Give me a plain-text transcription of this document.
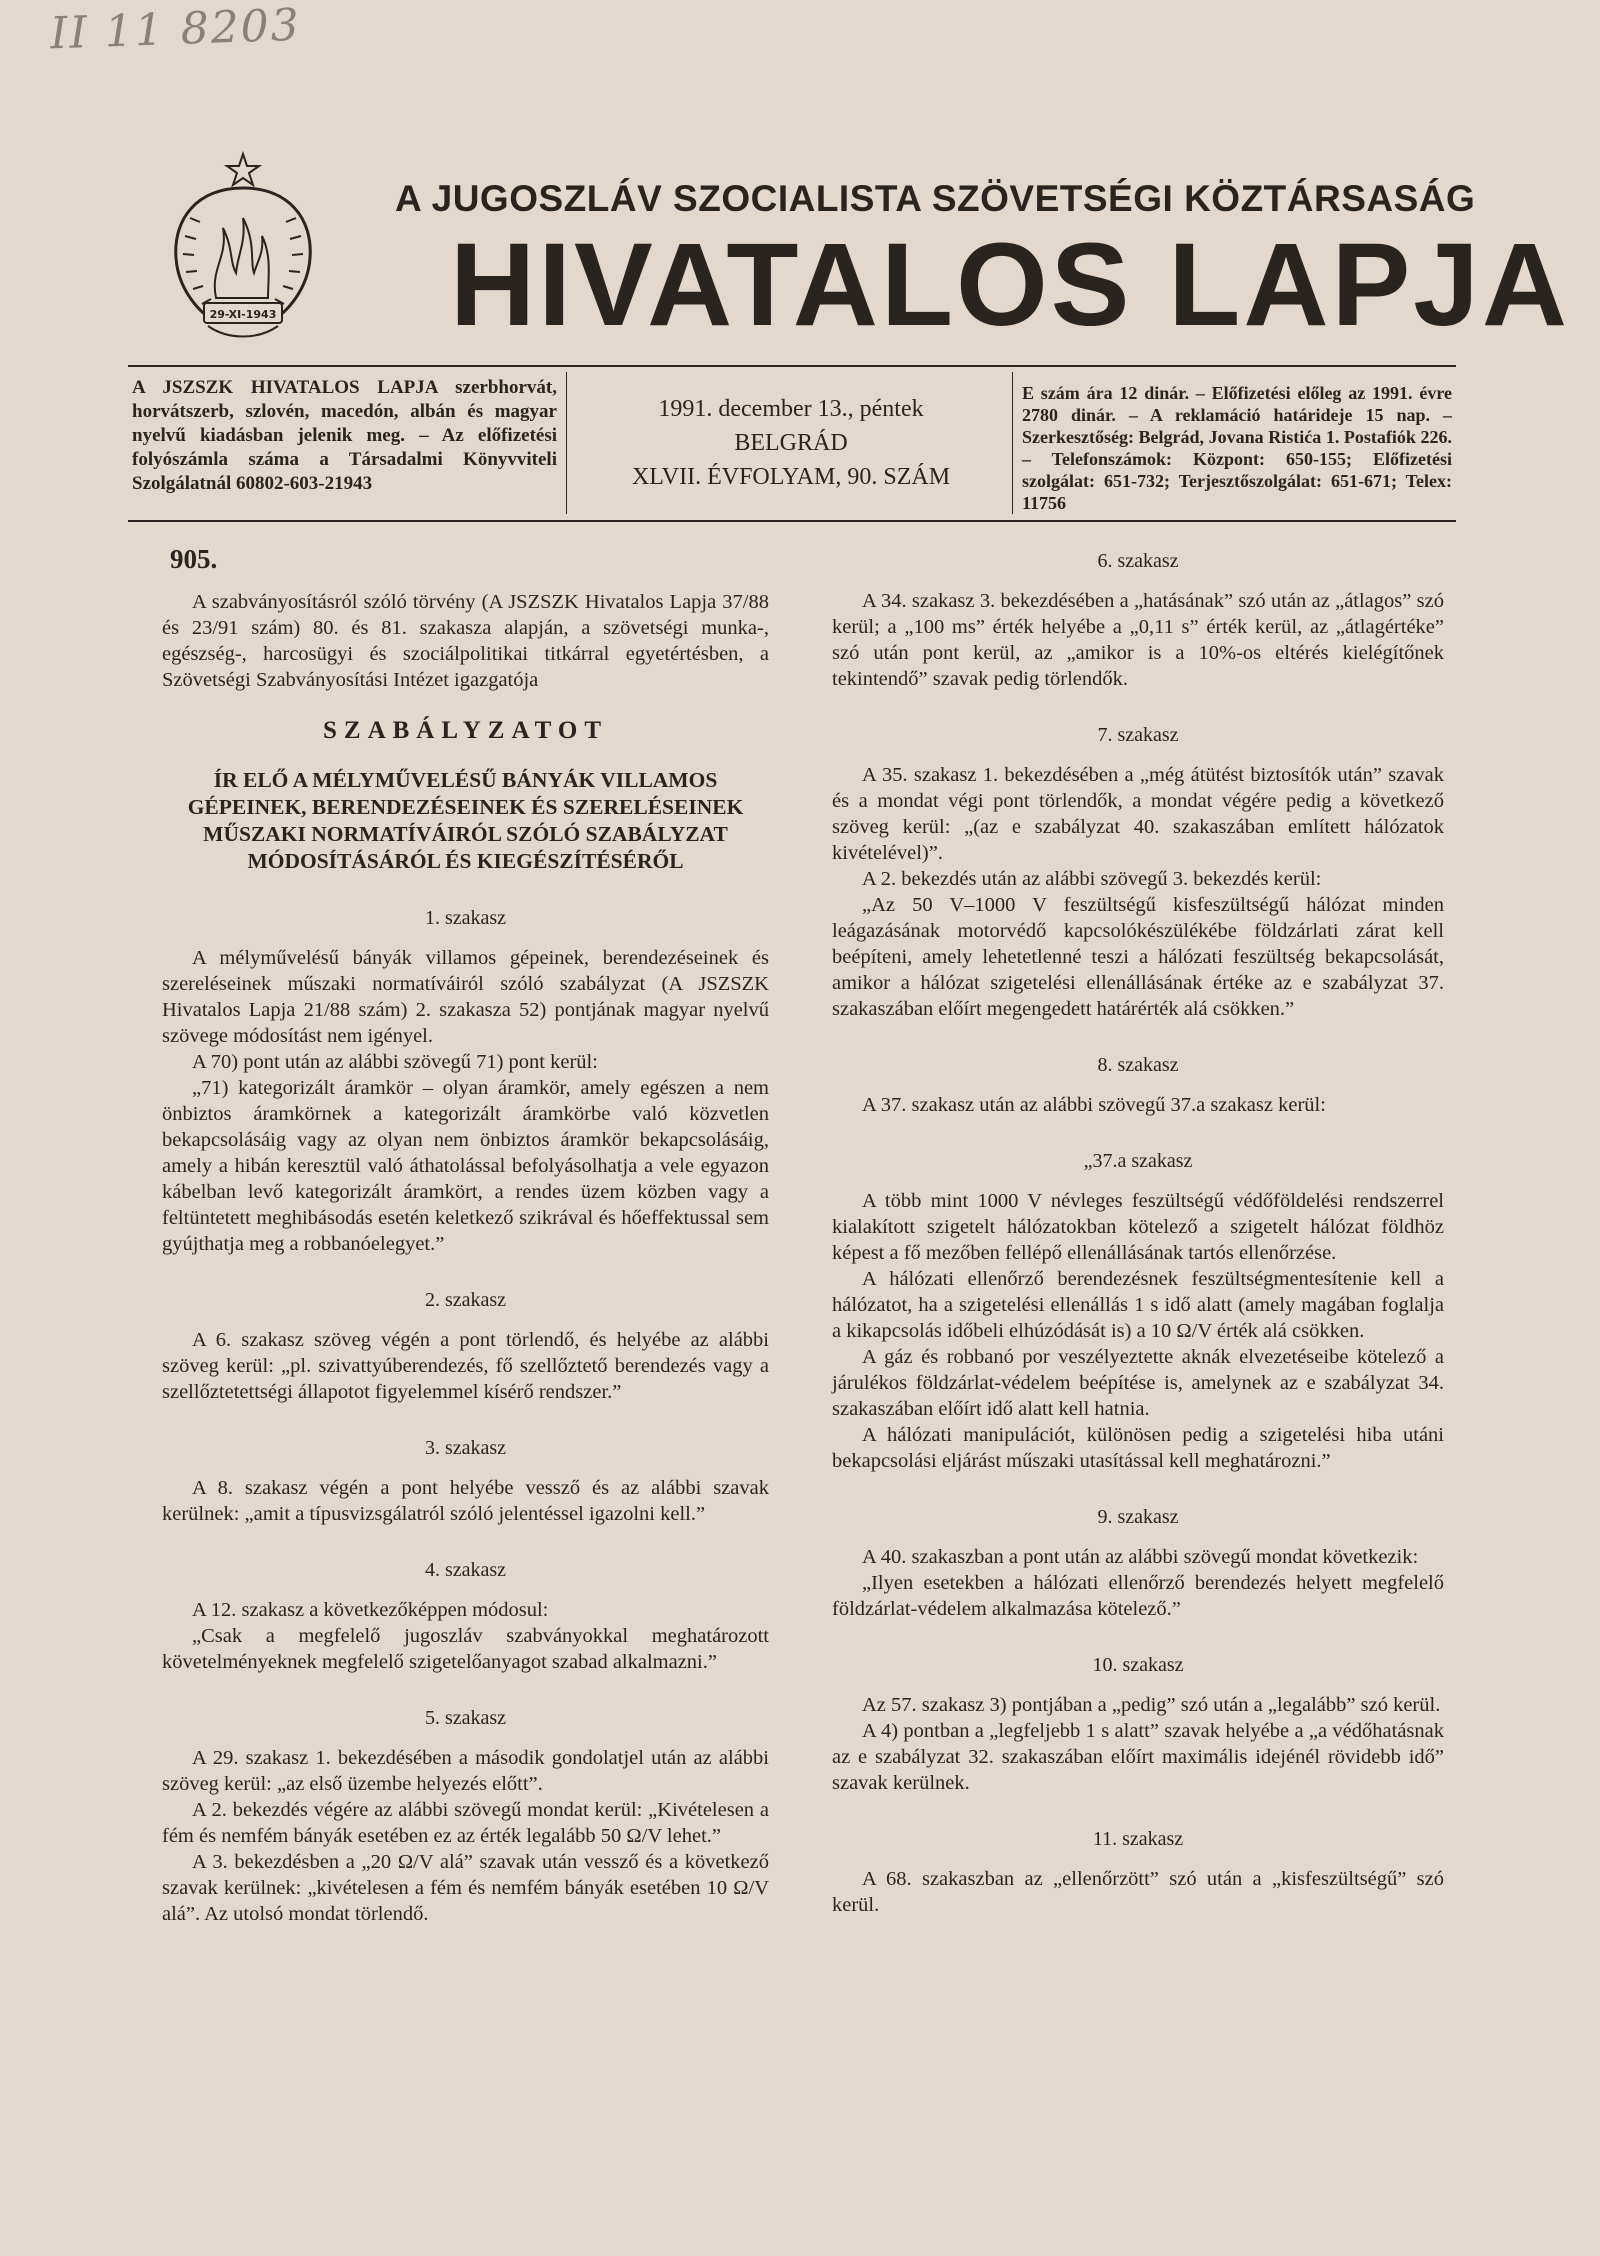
II 11 8203
29-XI-1943
A JUGOSZLÁV SZOCIALISTA SZÖVETSÉGI KÖZTÁRSASÁG
HIVATALOS LAPJA
A JSZSZK HIVATALOS LAPJA szerbhorvát, horvátszerb, szlovén, macedón, albán és magyar nyelvű kiadásban jelenik meg. – Az előfizetési folyószámla száma a Társadalmi Könyvviteli Szolgálatnál 60802-603-21943
1991. december 13., péntek
BELGRÁD
XLVII. ÉVFOLYAM, 90. SZÁM
E szám ára 12 dinár. – Előfizetési előleg az 1991. évre 2780 dinár. – A reklamáció határideje 15 nap. – Szerkesztőség: Belgrád, Jovana Ristića 1. Postafiók 226. – Telefonszámok: Központ: 650-155; Előfizetési szolgálat: 651-732; Terjesztőszolgálat: 651-671; Telex: 11756
905.

A szabványosításról szóló törvény (A JSZSZK Hivatalos Lapja 37/88 és 23/91 szám) 80. és 81. szakasza alapján, a szövetségi munka-, egészség-, harcosügyi és szociálpolitikai titkárral egyetértésben, a Szövetségi Szabványosítási Intézet igazgatója

SZABÁLYZATOT
ÍR ELŐ A MÉLYMŰVELÉSŰ BÁNYÁK VILLAMOS GÉPEINEK, BERENDEZÉSEINEK ÉS SZERELÉSEINEK MŰSZAKI NORMATÍVÁIRÓL SZÓLÓ SZABÁLYZAT MÓDOSÍTÁSÁRÓL ÉS KIEGÉSZÍTÉSÉRŐL
1. szakasz

A mélyművelésű bányák villamos gépeinek, berendezéseinek és szereléseinek műszaki normatíváiról szóló szabályzat (A JSZSZK Hivatalos Lapja 21/88 szám) 2. szakasza 52) pontjának magyar nyelvű szövege módosítást nem igényel.

A 70) pont után az alábbi szövegű 71) pont kerül:

„71) kategorizált áramkör – olyan áramkör, amely egészen a nem önbiztos áramkörnek a kategorizált áramkörbe való közvetlen bekapcsolásáig vagy az olyan nem önbiztos áramkör bekapcsolásáig, amely a hibán keresztül való áthatolással befolyásolhatja a vele egyazon kábelban levő kategorizált áramkört, a rendes üzem közben vagy a feltüntetett meghibásodás esetén keletkező szikrával és hőeffektussal sem gyújthatja meg a robbanóelegyet.”

2. szakasz

A 6. szakasz szöveg végén a pont törlendő, és helyébe az alábbi szöveg kerül: „pl. szivattyúberendezés, fő szellőztető berendezés vagy a szellőztetettségi állapotot figyelemmel kísérő rendszer.”

3. szakasz

A 8. szakasz végén a pont helyébe vessző és az alábbi szavak kerülnek: „amit a típusvizsgálatról szóló jelentéssel igazolni kell.”

4. szakasz

A 12. szakasz a következőképpen módosul:

„Csak a megfelelő jugoszláv szabványokkal meghatározott követelményeknek megfelelő szigetelőanyagot szabad alkalmazni.”

5. szakasz

A 29. szakasz 1. bekezdésében a második gondolatjel után az alábbi szöveg kerül: „az első üzembe helyezés előtt”.

A 2. bekezdés végére az alábbi szövegű mondat kerül: „Kivételesen a fém és nemfém bányák esetében ez az érték legalább 50 Ω/V lehet.”

A 3. bekezdésben a „20 Ω/V alá” szavak után vessző és a következő szavak kerülnek: „kivételesen a fém és nemfém bányák esetében 10 Ω/V alá”. Az utolsó mondat törlendő.

6. szakasz

A 34. szakasz 3. bekezdésében a „hatásának” szó után az „átlagos” szó kerül; a „100 ms” érték helyébe a „0,11 s” érték kerül, az „átlagértéke” szó után pont kerül, az „amikor is a 10%-os eltérés kielégítőnek tekintendő” szavak pedig törlendők.

7. szakasz

A 35. szakasz 1. bekezdésében a „még átütést biztosítók után” szavak és a mondat végi pont törlendők, a mondat végére pedig a következő szöveg kerül: „(az e szabályzat 40. szakaszában említett hálózatok kivételével)”.

A 2. bekezdés után az alábbi szövegű 3. bekezdés kerül:

„Az 50 V–1000 V feszültségű kisfeszültségű hálózat minden leágazásának motorvédő kapcsolókészülékébe földzárlati zárat kell beépíteni, amely lehetetlenné teszi a hálózati feszültség bekapcsolását, amikor a hálózat szigetelési ellenállásának értéke az e szabályzat 37. szakaszában előírt megengedett határérték alá csökken.”

8. szakasz

A 37. szakasz után az alábbi szövegű 37.a szakasz kerül:

„37.a szakasz

A több mint 1000 V névleges feszültségű védőföldelési rendszerrel kialakított szigetelt hálózatokban kötelező a szigetelt hálózat földhöz képest a fő mezőben fellépő ellenállásának tartós ellenőrzése.

A hálózati ellenőrző berendezésnek feszültségmentesítenie kell a hálózatot, ha a szigetelési ellenállás 1 s idő alatt (amely magában foglalja a kikapcsolás időbeli elhúzódását is) a 10 Ω/V érték alá csökken.

A gáz és robbanó por veszélyeztette aknák elvezetéseibe kötelező a járulékos földzárlat-védelem beépítése is, amelynek az e szabályzat 34. szakaszában előírt idő alatt kell hatnia.

A hálózati manipulációt, különösen pedig a szigetelési hiba utáni bekapcsolási eljárást műszaki utasítással kell meghatározni.”

9. szakasz

A 40. szakaszban a pont után az alábbi szövegű mondat következik:

„Ilyen esetekben a hálózati ellenőrző berendezés helyett megfelelő földzárlat-védelem alkalmazása kötelező.”

10. szakasz

Az 57. szakasz 3) pontjában a „pedig” szó után a „legalább” szó kerül.

A 4) pontban a „legfeljebb 1 s alatt” szavak helyébe a „a védőhatásnak az e szabályzat 32. szakaszában előírt maximális idejénél rövidebb idő” szavak kerülnek.

11. szakasz

A 68. szakaszban az „ellenőrzött” szó után a „kisfeszültségű” szó kerül.
